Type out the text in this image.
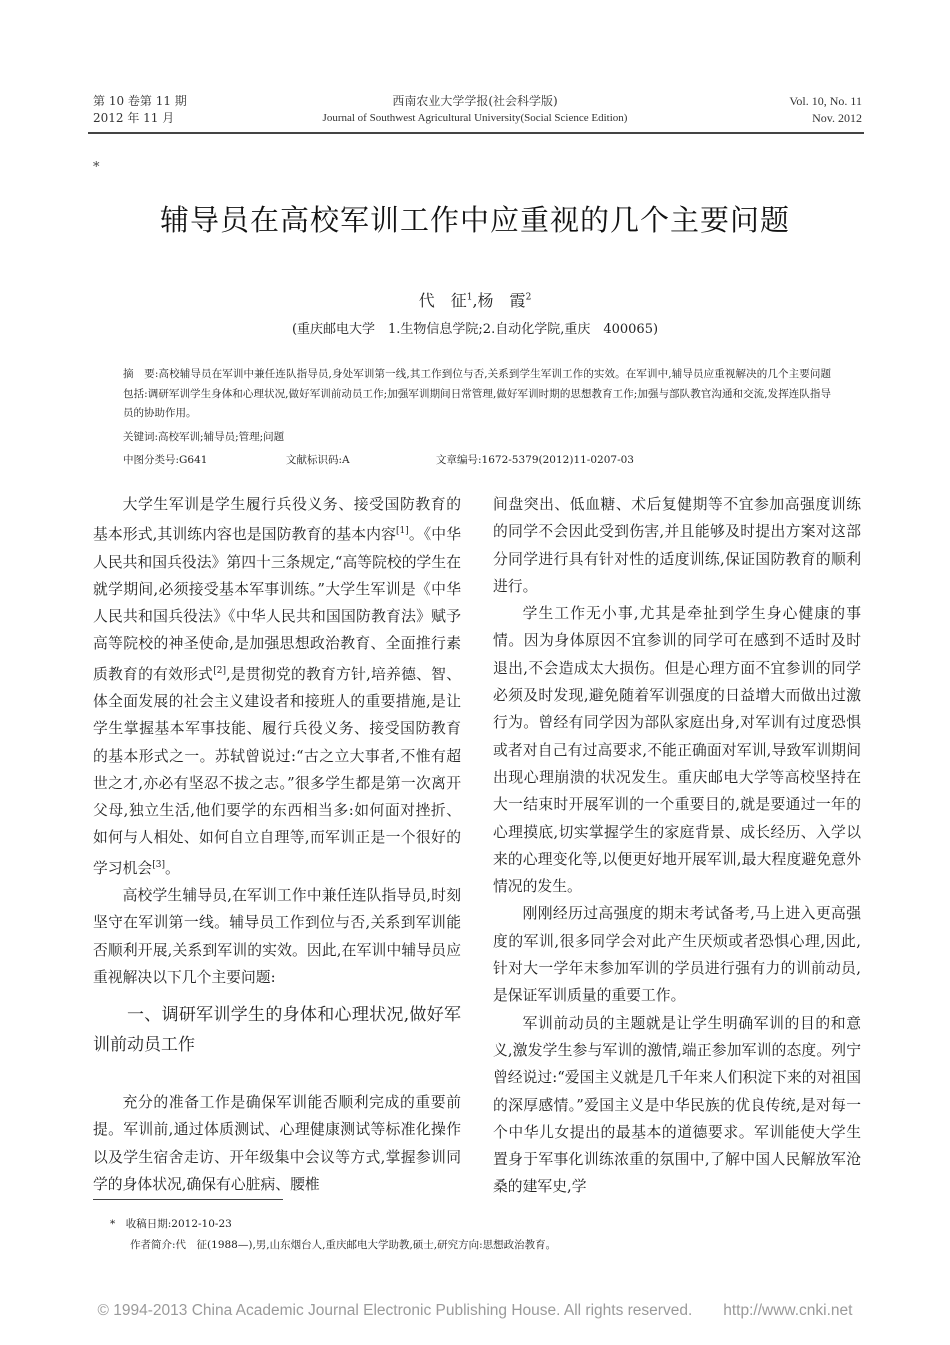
第 10 卷第 11 期
2012 年 11 月
西南农业大学学报(社会科学版)
Journal of Southwest Agricultural University(Social Science Edition)
Vol. 10, No. 11
Nov. 2012
*
辅导员在高校军训工作中应重视的几个主要问题
代　征$^1$,杨　霞$^2$
(重庆邮电大学　1.生物信息学院;2.自动化学院,重庆　400065)
摘　要:高校辅导员在军训中兼任连队指导员,身处军训第一线,其工作到位与否,关系到学生军训工作的实效。在军训中,辅导员应重视解决的几个主要问题包括:调研军训学生身体和心理状况,做好军训前动员工作;加强军训期间日常管理,做好军训时期的思想教育工作;加强与部队教官沟通和交流,发挥连队指导员的协助作用。
关键词:高校军训;辅导员;管理;问题
中图分类号:G641	文献标识码:A	文章编号:1672-5379(2012)11-0207-03

大学生军训是学生履行兵役义务、接受国防教育的基本形式,其训练内容也是国防教育的基本内容[1]。《中华人民共和国兵役法》第四十三条规定,“高等院校的学生在就学期间,必须接受基本军事训练。”大学生军训是《中华人民共和国兵役法》《中华人民共和国国防教育法》赋予高等院校的神圣使命,是加强思想政治教育、全面推行素质教育的有效形式[2],是贯彻党的教育方针,培养德、智、体全面发展的社会主义建设者和接班人的重要措施,是让学生掌握基本军事技能、履行兵役义务、接受国防教育的基本形式之一。苏轼曾说过:“古之立大事者,不惟有超世之才,亦必有坚忍不拔之志。”很多学生都是第一次离开父母,独立生活,他们要学的东西相当多:如何面对挫折、如何与人相处、如何自立自理等,而军训正是一个很好的学习机会[3]。

高校学生辅导员,在军训工作中兼任连队指导员,时刻坚守在军训第一线。辅导员工作到位与否,关系到军训能否顺利开展,关系到军训的实效。因此,在军训中辅导员应重视解决以下几个主要问题:

一、调研军训学生的身体和心理状况,做好军训前动员工作

充分的准备工作是确保军训能否顺利完成的重要前提。军训前,通过体质测试、心理健康测试等标准化操作以及学生宿舍走访、开年级集中会议等方式,掌握参训同学的身体状况,确保有心脏病、腰椎

间盘突出、低血糖、术后复健期等不宜参加高强度训练的同学不会因此受到伤害,并且能够及时提出方案对这部分同学进行具有针对性的适度训练,保证国防教育的顺利进行。

学生工作无小事,尤其是牵扯到学生身心健康的事情。因为身体原因不宜参训的同学可在感到不适时及时退出,不会造成太大损伤。但是心理方面不宜参训的同学必须及时发现,避免随着军训强度的日益增大而做出过激行为。曾经有同学因为部队家庭出身,对军训有过度恐惧或者对自己有过高要求,不能正确面对军训,导致军训期间出现心理崩溃的状况发生。重庆邮电大学等高校坚持在大一结束时开展军训的一个重要目的,就是要通过一年的心理摸底,切实掌握学生的家庭背景、成长经历、入学以来的心理变化等,以便更好地开展军训,最大程度避免意外情况的发生。

刚刚经历过高强度的期末考试备考,马上进入更高强度的军训,很多同学会对此产生厌烦或者恐惧心理,因此,针对大一学年末参加军训的学员进行强有力的训前动员,是保证军训质量的重要工作。

军训前动员的主题就是让学生明确军训的目的和意义,激发学生参与军训的激情,端正参加军训的态度。列宁曾经说过:“爱国主义就是几千年来人们积淀下来的对祖国的深厚感情。”爱国主义是中华民族的优良传统,是对每一个中华儿女提出的最基本的道德要求。军训能使大学生置身于军事化训练浓重的氛围中,了解中国人民解放军沧桑的建军史,学

*　收稿日期:2012-10-23
作者简介:代　征(1988—),男,山东烟台人,重庆邮电大学助教,硕士,研究方向:思想政治教育。
© 1994-2013 China Academic Journal Electronic Publishing House. All rights reserved.　　http://www.cnki.net
